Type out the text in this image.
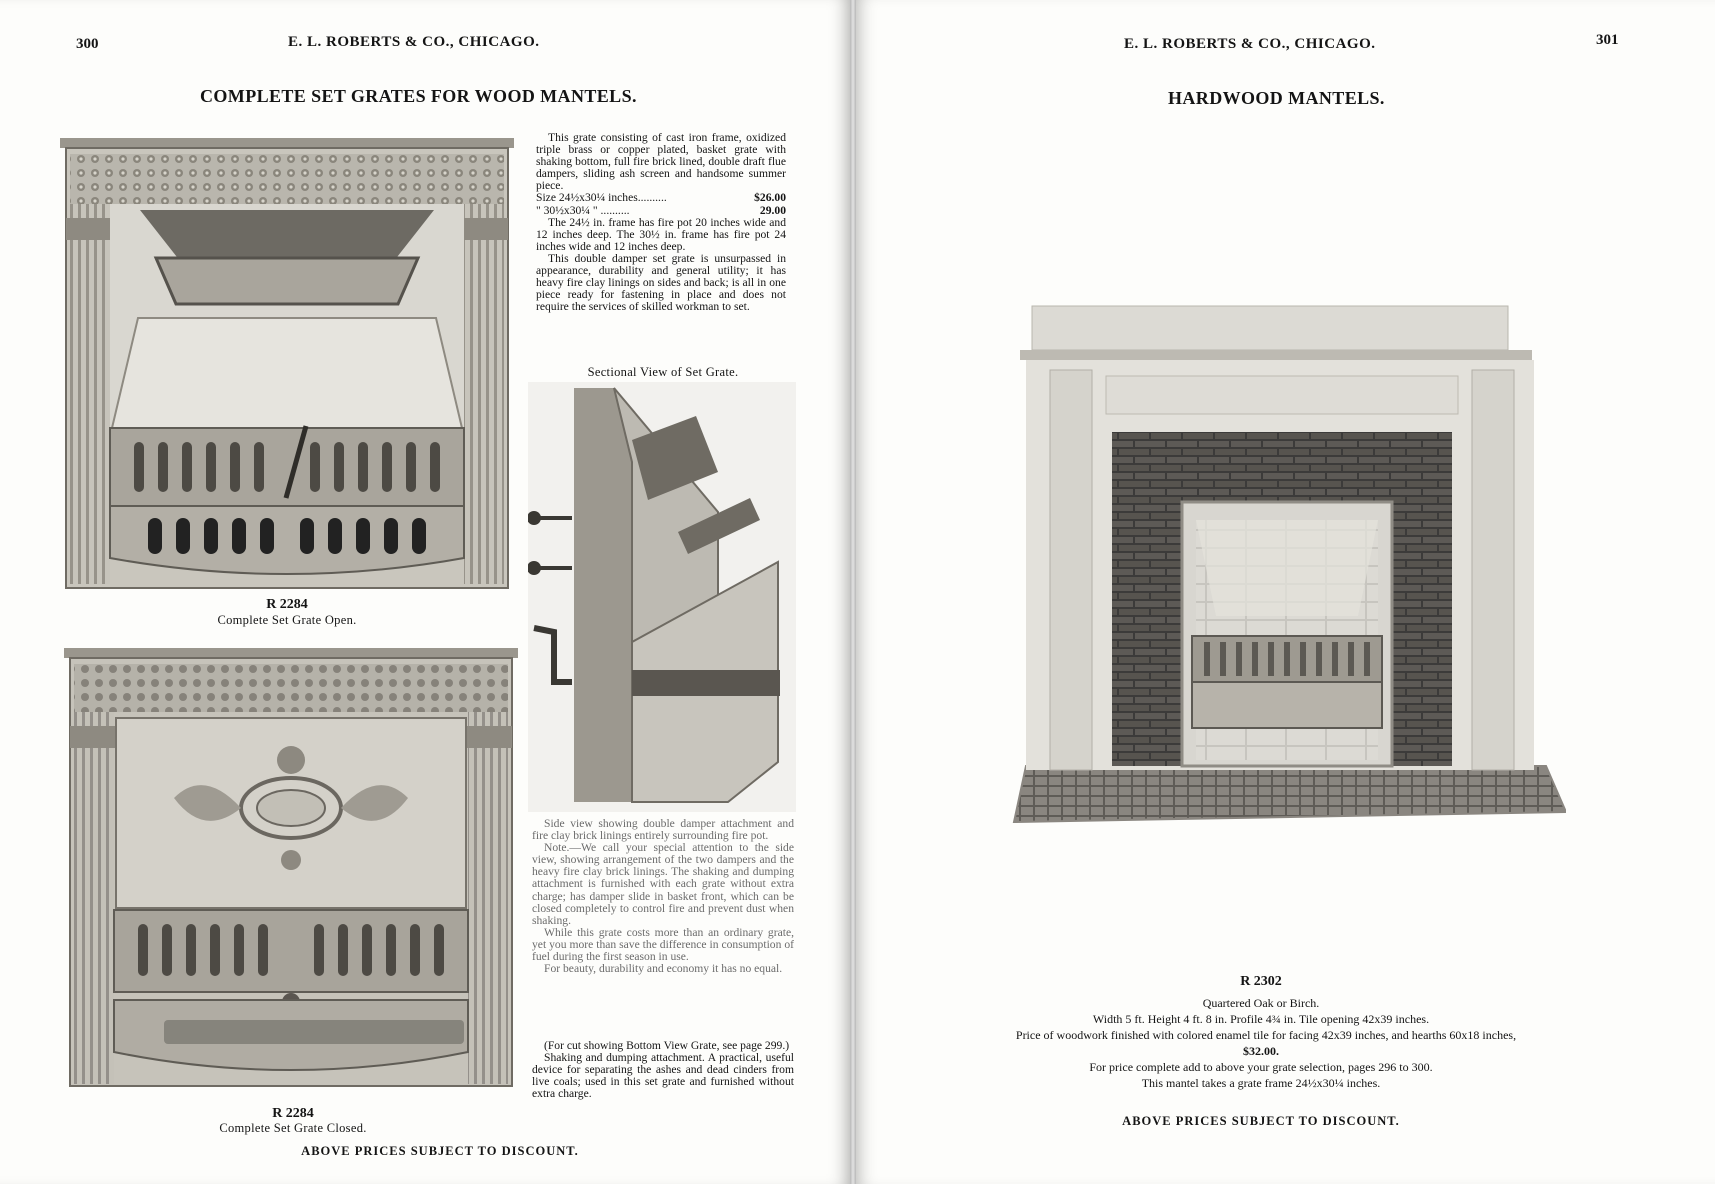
300	E. L. ROBERTS & CO., CHICAGO.
COMPLETE SET GRATES FOR WOOD MANTELS.
R 2284
Complete Set Grate Open.
R 2284
Complete Set Grate Closed.

This grate consisting of cast iron frame, oxidized triple brass or copper plated, basket grate with shaking bottom, full fire brick lined, double draft flue dampers, sliding ash screen and handsome summer piece.

Size 24½x30¼ inches..........	$26.00
" 30½x30¼ " ..........	29.00

The 24½ in. frame has fire pot 20 inches wide and 12 inches deep. The 30½ in. frame has fire pot 24 inches wide and 12 inches deep.

This double damper set grate is unsurpassed in appearance, durability and general utility; it has heavy fire clay linings on sides and back; is all in one piece ready for fastening in place and does not require the services of skilled workman to set.

Sectional View of Set Grate.

Side view showing double damper attachment and fire clay brick linings entirely surrounding fire pot.

Note.—We call your special attention to the side view, showing arrangement of the two dampers and the heavy fire clay brick linings. The shaking and dumping attachment is furnished with each grate without extra charge; has damper slide in basket front, which can be closed completely to control fire and prevent dust when shaking.

While this grate costs more than an ordinary grate, yet you more than save the difference in consumption of fuel during the first season in use.

For beauty, durability and economy it has no equal.

(For cut showing Bottom View Grate, see page 299.)

Shaking and dumping attachment. A practical, useful device for separating the ashes and dead cinders from live coals; used in this set grate and furnished without extra charge.

ABOVE PRICES SUBJECT TO DISCOUNT.
E. L. ROBERTS & CO., CHICAGO.	301
HARDWOOD MANTELS.
R 2302
Quartered Oak or Birch.
Width 5 ft. Height 4 ft. 8 in. Profile 4¾ in. Tile opening 42x39 inches.
Price of woodwork finished with colored enamel tile for facing 42x39 inches, and hearths 60x18 inches,
$32.00.
For price complete add to above your grate selection, pages 296 to 300.
This mantel takes a grate frame 24½x30¼ inches.
ABOVE PRICES SUBJECT TO DISCOUNT.
